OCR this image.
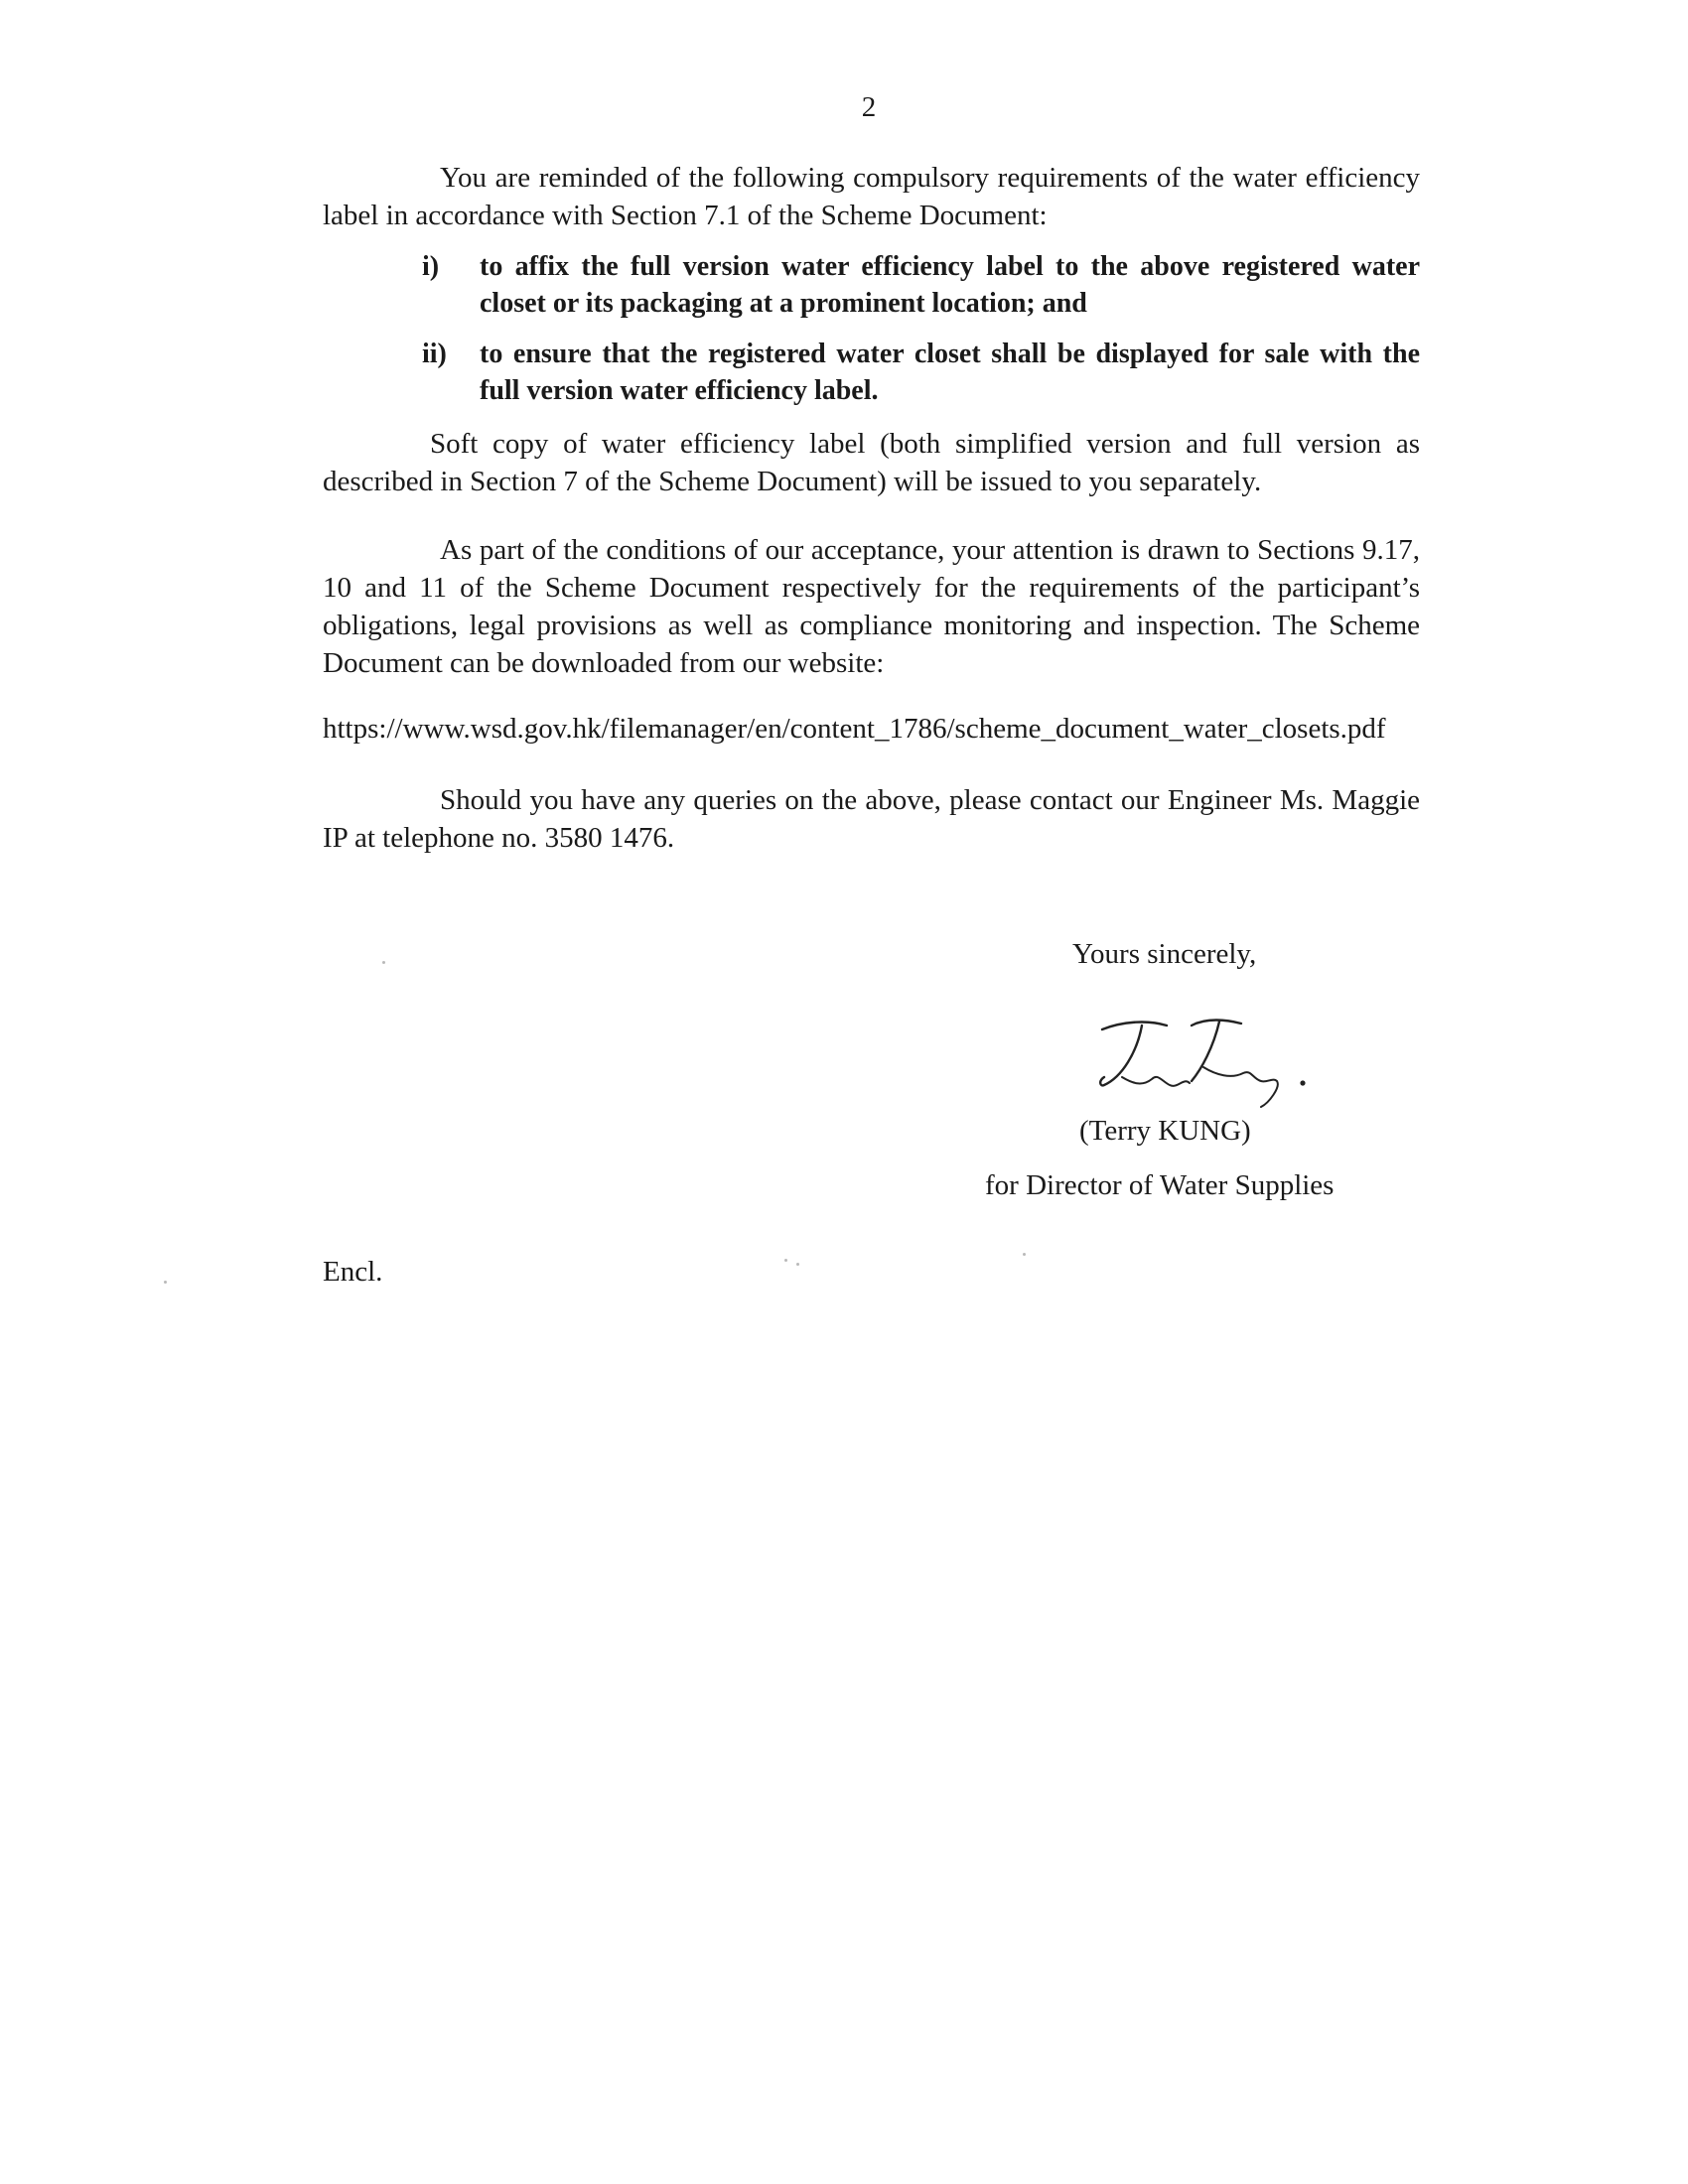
2

You are reminded of the following compulsory requirements of the water efficiency label in accordance with Section 7.1 of the Scheme Document:

i)	to affix the full version water efficiency label to the above registered water closet or its packaging at a prominent location; and
ii)	to ensure that the registered water closet shall be displayed for sale with the full version water efficiency label.

Soft copy of water efficiency label (both simplified version and full version as described in Section 7 of the Scheme Document) will be issued to you separately.

As part of the conditions of our acceptance, your attention is drawn to Sections 9.17, 10 and 11 of the Scheme Document respectively for the requirements of the participant’s obligations, legal provisions as well as compliance monitoring and inspection. The Scheme Document can be downloaded from our website:

https://www.wsd.gov.hk/filemanager/en/content_1786/scheme_document_water_closets.pdf

Should you have any queries on the above, please contact our Engineer Ms. Maggie IP at telephone no. 3580 1476.

Yours sincerely,
(Terry KUNG)
for Director of Water Supplies
Encl.
